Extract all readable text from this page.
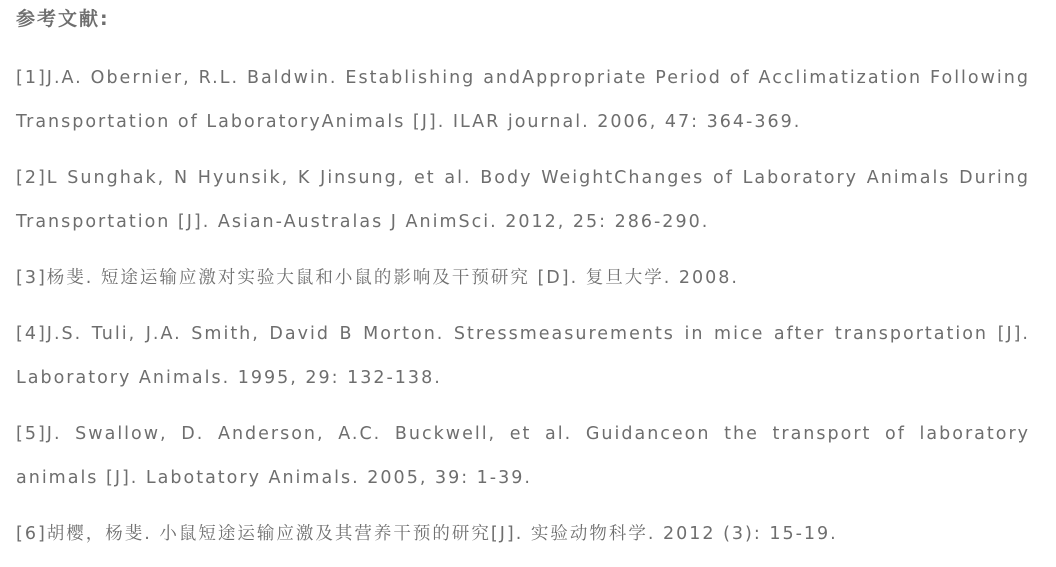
参考文献:
[1]J.A. Obernier, R.L. Baldwin. Establishing andAppropriate Period of Acclimatization Following Transportation of LaboratoryAnimals [J]. ILAR journal. 2006, 47: 364-369.
[2]L Sunghak, N Hyunsik, K Jinsung, et al. Body WeightChanges of Laboratory Animals During Transportation [J]. Asian-Australas J AnimSci. 2012, 25: 286-290.
[3]杨斐. 短途运输应激对实验大鼠和小鼠的影响及干预研究 [D]. 复旦大学. 2008.
[4]J.S. Tuli, J.A. Smith, David B Morton. Stressmeasurements in mice after transportation [J]. Laboratory Animals. 1995, 29: 132-138.
[5]J. Swallow, D. Anderson, A.C. Buckwell, et al. Guidanceon the transport of laboratory animals [J]. Labotatory Animals. 2005, 39: 1-39.
[6]胡樱，杨斐. 小鼠短途运输应激及其营养干预的研究[J]. 实验动物科学. 2012 (3): 15-19.
